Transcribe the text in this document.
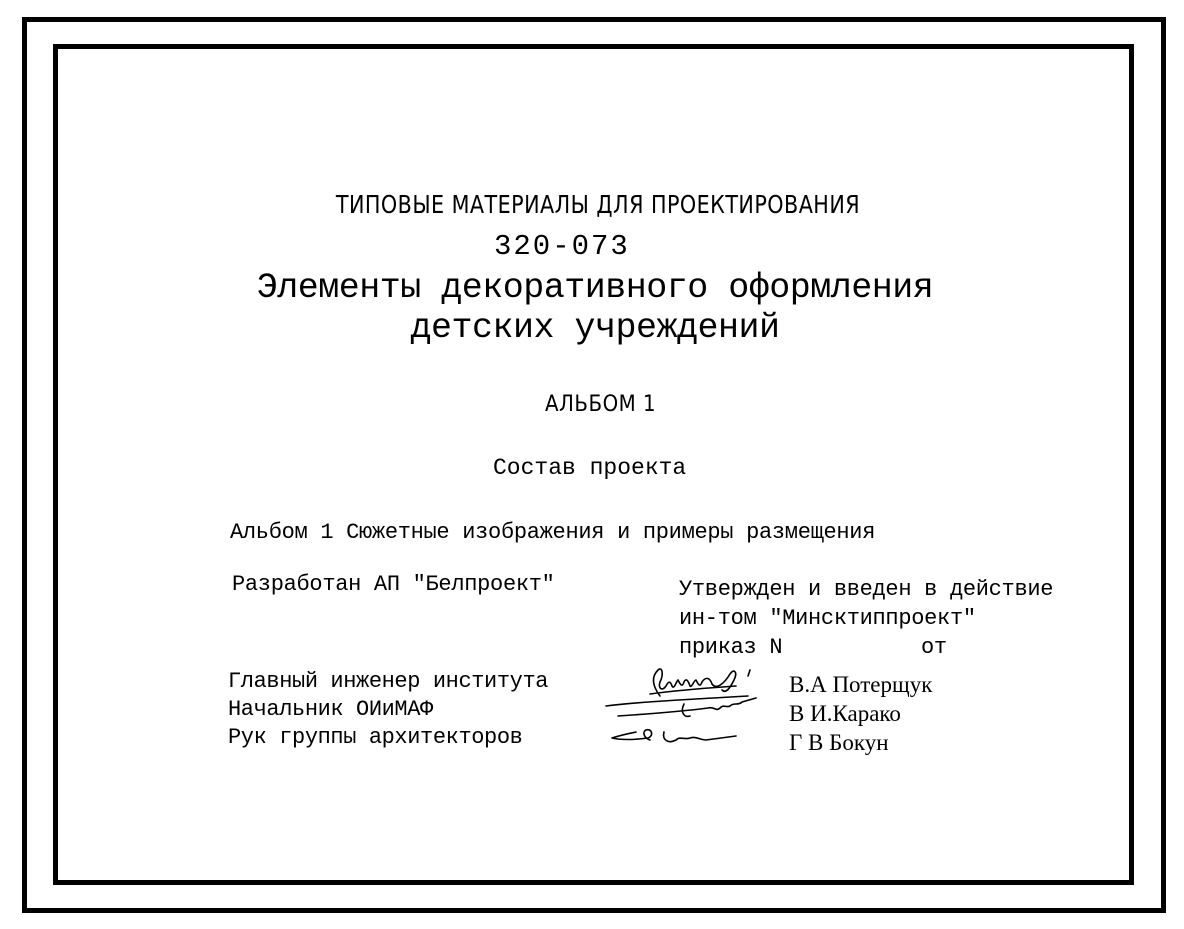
ТИПОВЫЕ МАТЕРИАЛЫ ДЛЯ ПРОЕКТИРОВАНИЯ
320-073
Элементы декоративного оформления
детских учреждений
АЛЬБОМ 1
Состав проекта
Альбом 1 Сюжетные изображения и примеры размещения
Разработан АП "Белпроект"	Утвержден и введен в действие
ин-том "Минсктиппроект"
приказ N	от
Главный инженер института
Начальник ОИиМАФ
Рук группы архитекторов
В.А Потерщук
В И.Карако
Г В Бокун
